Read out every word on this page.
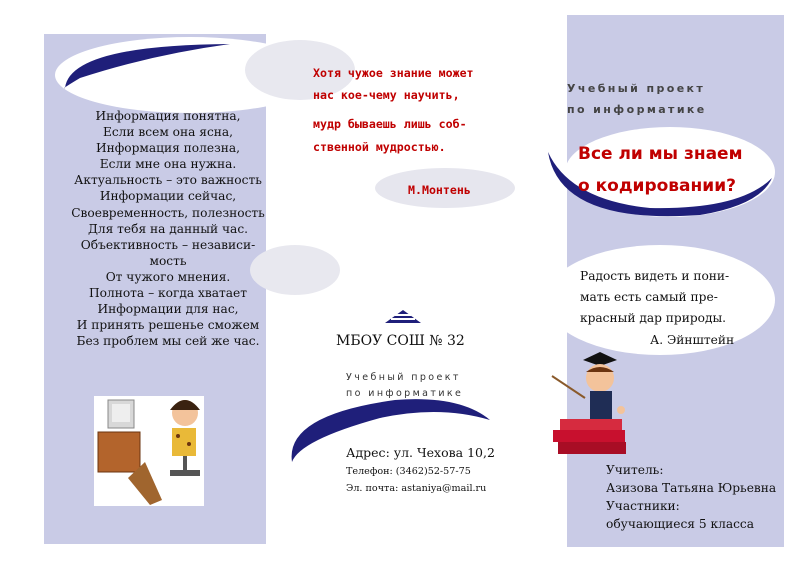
Информация понятна,
Если всем она ясна,
Информация полезна,
Если мне она нужна.
Актуальность – это важность
Информации сейчас,
Своевременность, полезность
Для тебя на данный час.
Объективность – независи-
мость
От чужого мнения.
Полнота – когда хватает
Информации для нас,
И принять решенье сможем
Без проблем мы сей же час.
Хотя чужое знание может
нас кое-чему научить,
мудр бываешь лишь соб-
ственной мудростью.
М.Монтень
МБОУ СОШ № 32
Учебный проект
по информатике
Адрес: ул. Чехова 10,2
Телефон: (3462)52-57-75
Эл. почта: astaniya@mail.ru
Учебный проект
по информатике
Все ли мы знаем
о кодировании?
Радость видеть и пони-
мать есть самый пре-
красный дар природы.
А. Эйнштейн
Учитель:
Азизова Татьяна Юрьевна
Участники:
обучающиеся 5 класса
